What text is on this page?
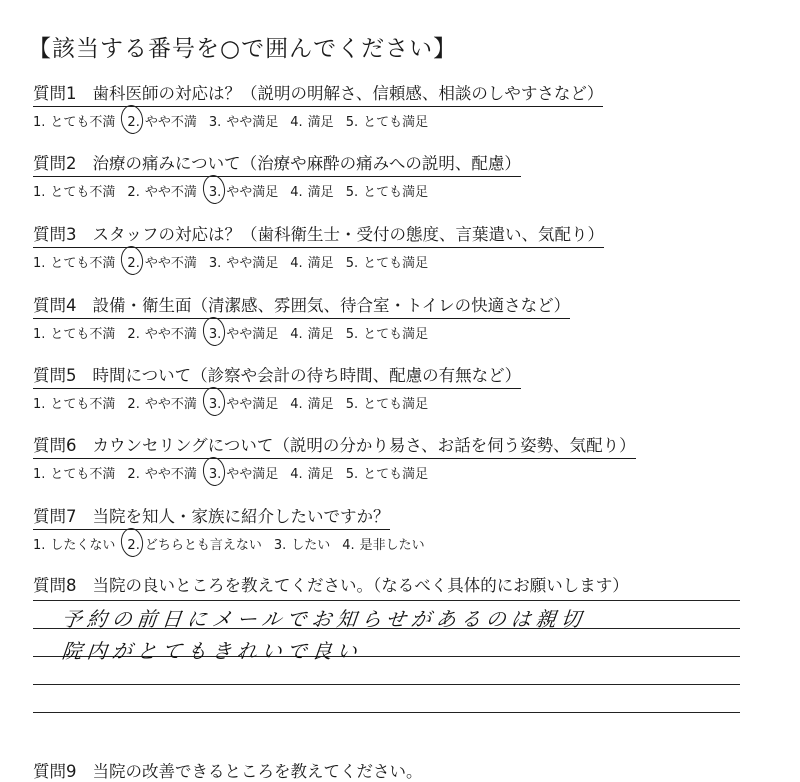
【該当する番号を○で囲んでください】
質問1 歯科医師の対応は？（説明の明解さ、信頼感、相談のしやすさなど）
1. とても不満 2. やや不満 3. やや満足 4. 満足 5. とても満足
質問2 治療の痛みについて（治療や麻酔の痛みへの説明、配慮）
1. とても不満 2. やや不満 3. やや満足 4. 満足 5. とても満足
質問3 スタッフの対応は？（歯科衛生士・受付の態度、言葉遣い、気配り）
1. とても不満 2. やや不満 3. やや満足 4. 満足 5. とても満足
質問4 設備・衛生面（清潔感、雰囲気、待合室・トイレの快適さなど）
1. とても不満 2. やや不満 3. やや満足 4. 満足 5. とても満足
質問5 時間について（診察や会計の待ち時間、配慮の有無など）
1. とても不満 2. やや不満 3. やや満足 4. 満足 5. とても満足
質問6 カウンセリングについて（説明の分かり易さ、お話を伺う姿勢、気配り）
1. とても不満 2. やや不満 3. やや満足 4. 満足 5. とても満足
質問7 当院を知人・家族に紹介したいですか？
1. したくない 2. どちらとも言えない 3. したい 4. 是非したい
質問8 当院の良いところを教えてください。（なるべく具体的にお願いします）
予約の前日にメールでお知らせがあるのは親切
院内がとてもきれいで良い
質問9 当院の改善できるところを教えてください。
